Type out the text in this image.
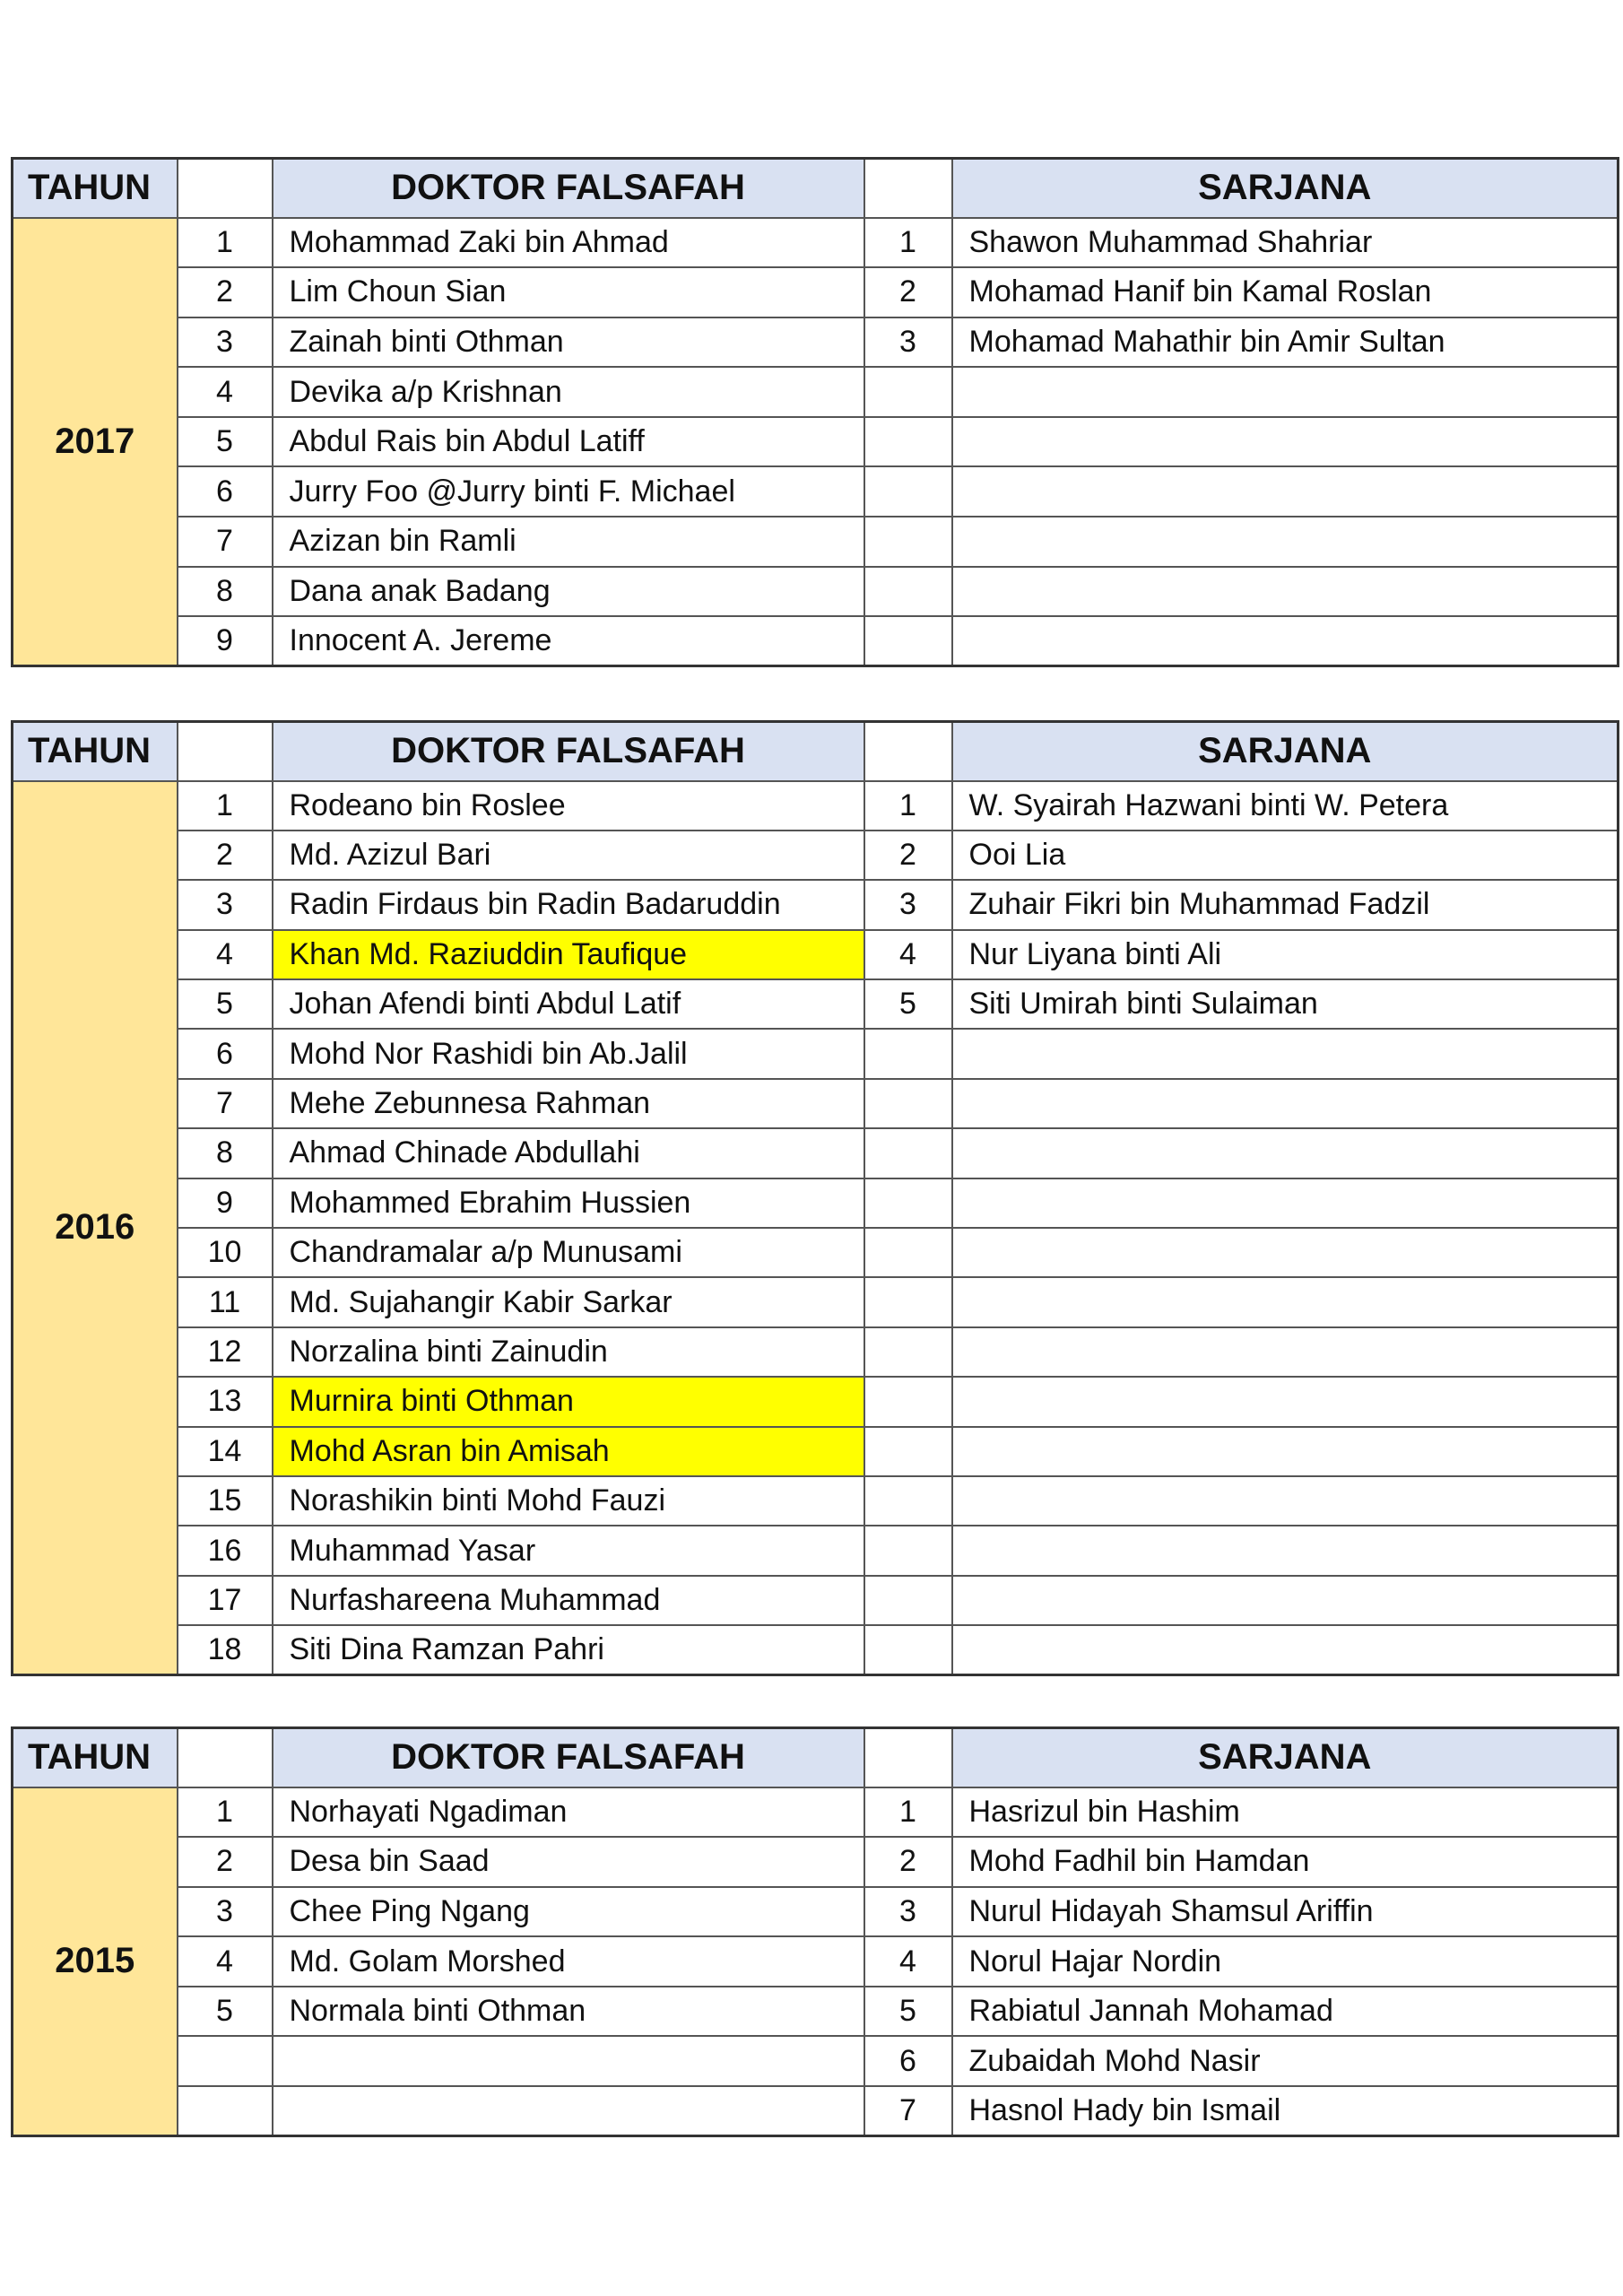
TAHUN		DOKTOR FALSAFAH		SARJANA
2017	1	Mohammad Zaki bin Ahmad	1	Shawon Muhammad Shahriar
	2	Lim Choun Sian	2	Mohamad Hanif bin Kamal Roslan
	3	Zainah binti Othman	3	Mohamad Mahathir bin Amir Sultan
	4	Devika a/p Krishnan		
	5	Abdul Rais bin Abdul Latiff		
	6	Jurry Foo @Jurry binti F. Michael		
	7	Azizan bin Ramli		
	8	Dana anak Badang		
	9	Innocent A. Jereme		
TAHUN		DOKTOR FALSAFAH		SARJANA
2016	1	Rodeano bin Roslee	1	W. Syairah Hazwani binti W. Petera
	2	Md. Azizul Bari	2	Ooi Lia
	3	Radin Firdaus bin Radin Badaruddin	3	Zuhair Fikri bin Muhammad Fadzil
	4	Khan Md. Raziuddin Taufique	4	Nur Liyana binti Ali
	5	Johan Afendi binti Abdul Latif	5	Siti Umirah binti Sulaiman
	6	Mohd Nor Rashidi bin Ab.Jalil		
	7	Mehe Zebunnesa Rahman		
	8	Ahmad Chinade Abdullahi		
	9	Mohammed Ebrahim Hussien		
	10	Chandramalar a/p Munusami		
	11	Md. Sujahangir Kabir Sarkar		
	12	Norzalina binti Zainudin		
	13	Murnira binti Othman		
	14	Mohd Asran bin Amisah		
	15	Norashikin binti Mohd Fauzi		
	16	Muhammad Yasar		
	17	Nurfashareena Muhammad		
	18	Siti Dina Ramzan Pahri		
TAHUN		DOKTOR FALSAFAH		SARJANA
2015	1	Norhayati Ngadiman	1	Hasrizul bin Hashim
	2	Desa bin Saad	2	Mohd Fadhil bin Hamdan
	3	Chee Ping Ngang	3	Nurul Hidayah Shamsul Ariffin
	4	Md. Golam Morshed	4	Norul Hajar Nordin
	5	Normala binti Othman	5	Rabiatul Jannah Mohamad
			6	Zubaidah Mohd Nasir
			7	Hasnol Hady bin Ismail
